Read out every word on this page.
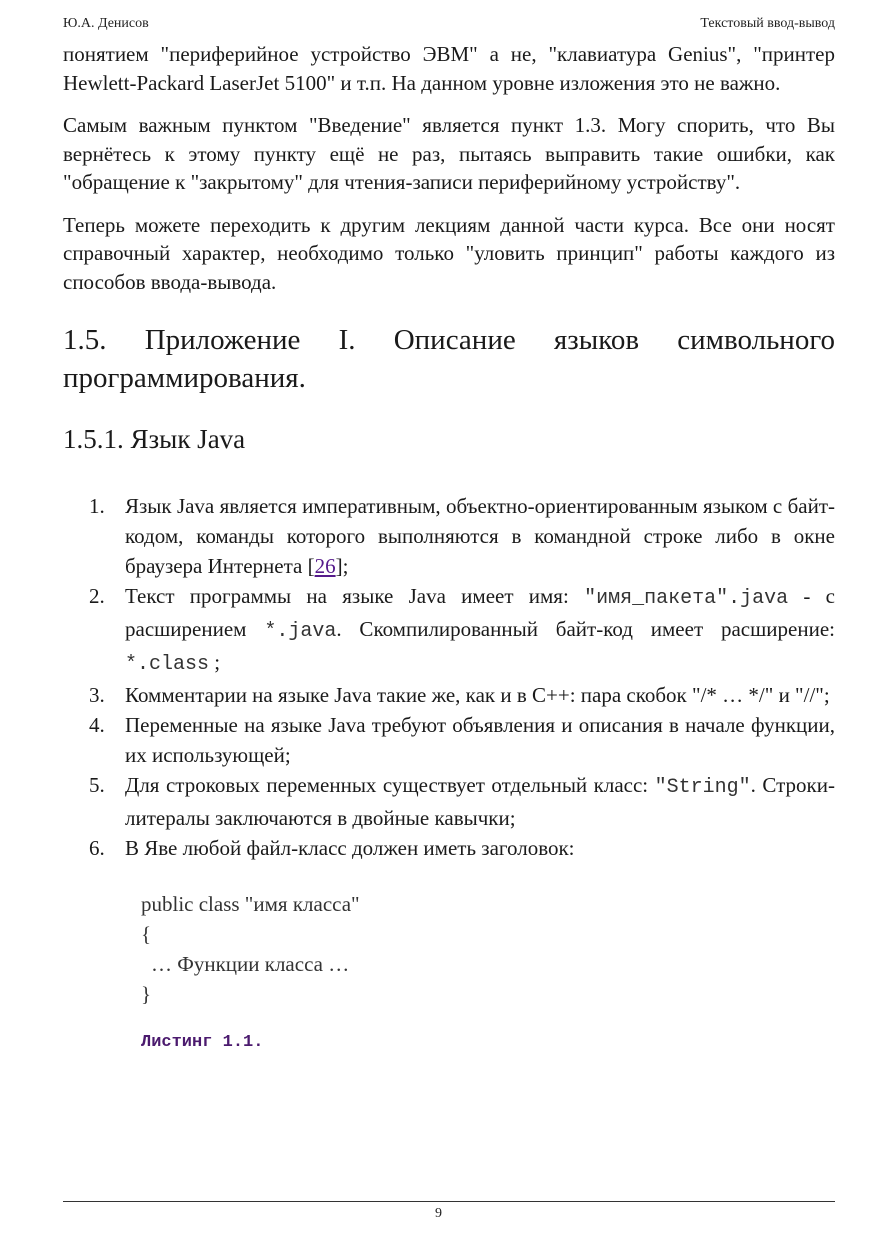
Ю.А. Денисов	Текстовый ввод-вывод

понятием "периферийное устройство ЭВМ" а не, "клавиатура Genius", "принтер Hewlett-Packard LaserJet 5100" и т.п. На данном уровне изложения это не важно.

Самым важным пунктом "Введение" является пункт 1.3. Могу спорить, что Вы вернётесь к этому пункту ещё не раз, пытаясь выправить такие ошибки, как "обращение к "закрытому" для чтения-записи периферийному устройству".

Теперь можете переходить к другим лекциям данной части курса. Все они носят справочный характер, необходимо только "уловить принцип" работы каждого из способов ввода-вывода.

1.5. Приложение I. Описание языков символьного программирования.
1.5.1. Язык Java
1. Язык Java является императивным, объектно-ориентированным языком с байт-кодом, команды которого выполняются в командной строке либо в окне браузера Интернета [26];
2. Текст программы на языке Java имеет имя: "имя_пакета".java - с расширением *.java. Скомпилированный байт-код имеет расширение: *.class ;
3. Комментарии на языке Java такие же, как и в C++: пара скобок "/* … */" и "//";
4. Переменные на языке Java требуют объявления и описания в начале функции, их использующей;
5. Для строковых переменных существует отдельный класс: "String". Строки-литералы заключаются в двойные кавычки;
6. В Яве любой файл-класс должен иметь заголовок:
public class "имя класса"
{
… Функции класса …
}
Листинг 1.1.
9
